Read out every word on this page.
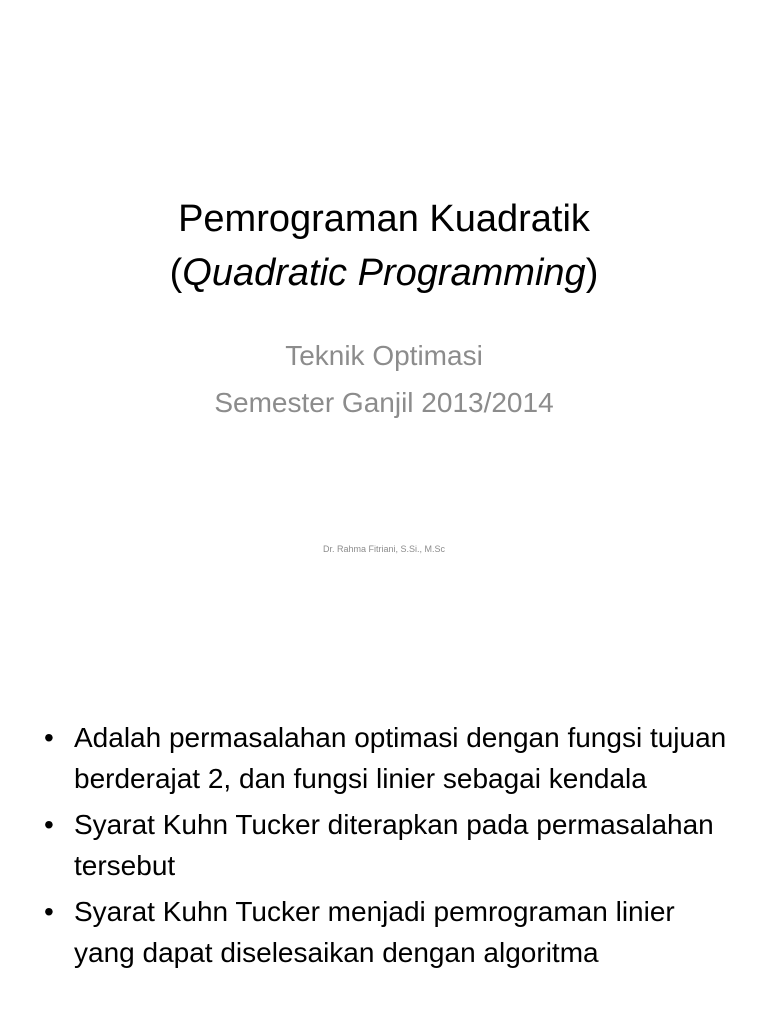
Pemrograman Kuadratik
(Quadratic Programming)
Teknik Optimasi
Semester Ganjil 2013/2014
Dr. Rahma Fitriani, S.Si., M.Sc
• Adalah permasalahan optimasi dengan fungsi tujuan berderajat 2, dan fungsi linier sebagai kendala
• Syarat Kuhn Tucker diterapkan pada permasalahan tersebut
• Syarat Kuhn Tucker menjadi pemrograman linier yang dapat diselesaikan dengan algoritma
